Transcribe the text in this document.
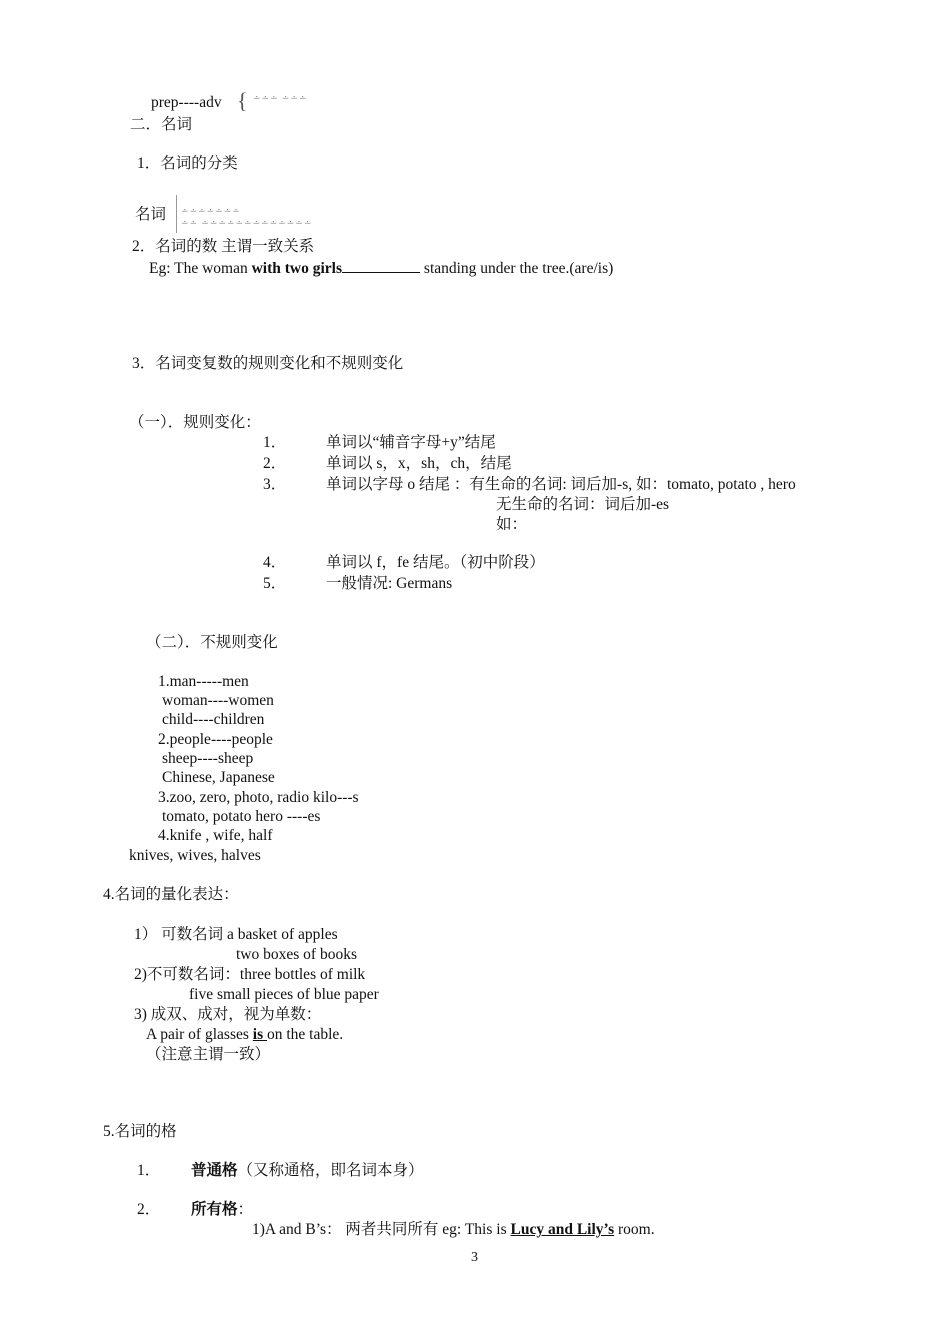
prep----adv { ∸∸∸ ∸∸∸
二．名词
1．名词的分类
名词 ∸∸∸∸∸∸∸
∸∸ ∸∸∸∸∸∸∸∸∸∸∸∸∸
2．名词的数 主谓一致关系
Eg: The woman with two girls	standing under the tree.(are/is)
3．名词变复数的规则变化和不规则变化
（一）．规则变化：
1．	单词以“辅音字母+y”结尾
2．	单词以 s，x，sh，ch，结尾
3．	单词以字母 o 结尾 ：有生命的名词: 词后加-s, 如：tomato, potato , hero
无生命的名词：词后加-es
如：
4．	单词以 f，fe 结尾。（初中阶段）
5．	一般情况: Germans
（二）．不规则变化
1.man-----men
woman----women
child----children
2.people----people
sheep----sheep
Chinese, Japanese
3.zoo, zero, photo, radio kilo---s
tomato, potato hero ----es
4.knife , wife, half
knives, wives, halves
4.名词的量化表达：
1） 可数名词 a basket of apples
two boxes of books
2)不可数名词：three bottles of milk
five small pieces of blue paper
3) 成双、成对，视为单数：
A pair of glasses is on the table.
（注意主谓一致）
5.名词的格
1． 普通格（又称通格，即名词本身）
2． 所有格：
1)A and B’s： 两者共同所有 eg: This is Lucy and Lily’s room.
3
